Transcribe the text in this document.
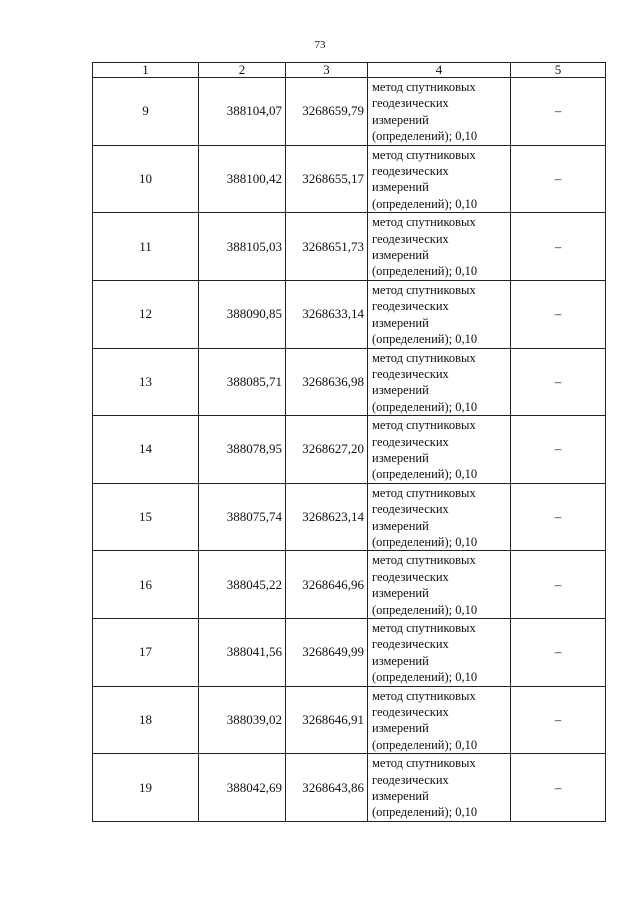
73
1	2	3	4	5
9	388104,07	3268659,79	метод спутниковых
геодезических
измерений
(определений); 0,10	–
10	388100,42	3268655,17	метод спутниковых
геодезических
измерений
(определений); 0,10	–
11	388105,03	3268651,73	метод спутниковых
геодезических
измерений
(определений); 0,10	–
12	388090,85	3268633,14	метод спутниковых
геодезических
измерений
(определений); 0,10	–
13	388085,71	3268636,98	метод спутниковых
геодезических
измерений
(определений); 0,10	–
14	388078,95	3268627,20	метод спутниковых
геодезических
измерений
(определений); 0,10	–
15	388075,74	3268623,14	метод спутниковых
геодезических
измерений
(определений); 0,10	–
16	388045,22	3268646,96	метод спутниковых
геодезических
измерений
(определений); 0,10	–
17	388041,56	3268649,99	метод спутниковых
геодезических
измерений
(определений); 0,10	–
18	388039,02	3268646,91	метод спутниковых
геодезических
измерений
(определений); 0,10	–
19	388042,69	3268643,86	метод спутниковых
геодезических
измерений
(определений); 0,10	–
